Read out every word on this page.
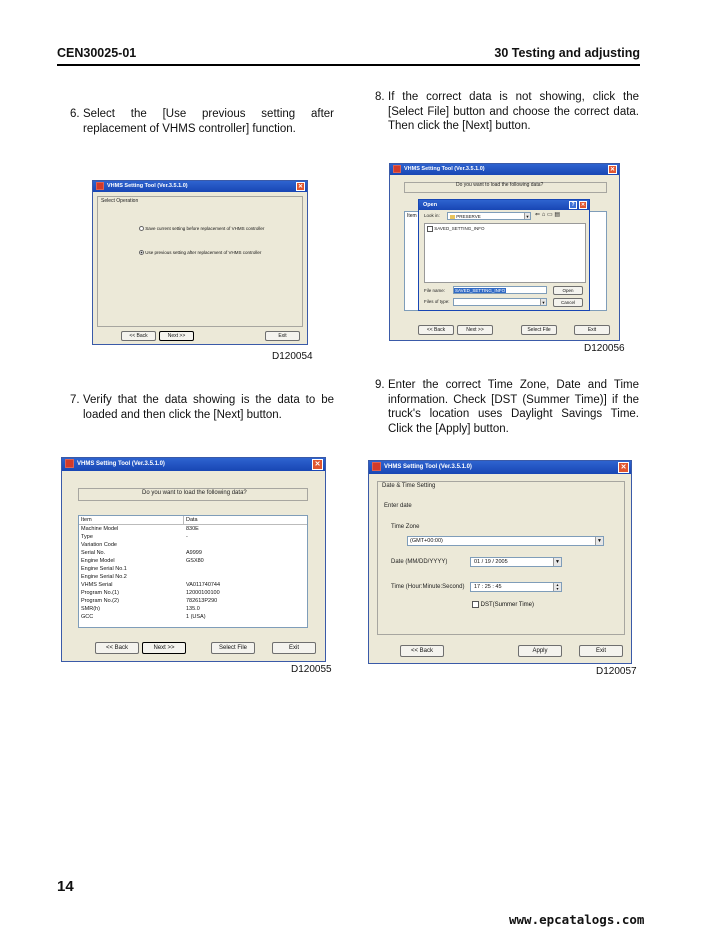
CEN30025-01	30 Testing and adjusting
6. Select the [Use previous setting after replacement of VHMS controller] function.
8. If the correct data is not showing, click the [Select File] button and choose the correct data. Then click the [Next] button.
VHMS Setting Tool (Ver.3.5.1.0)	✕
Select Operation
Save current setting before replacement of VHMS controller
Use previous setting after replacement of VHMS controller
<< Back	Next >>	Exit
D120054
VHMS Setting Tool (Ver.3.5.1.0)	✕
Do you want to load the following data?
Item
<< Back	Next >>	Select File	Exit
Open	?	✕
Look in:	PRESERVE	▼ ⇐ ⌂ ▭ ▤
SAVED_SETTING_INFO
File name:	SAVED_SETTING_INFO
Files of type:	▼
Open
Cancel
D120056
7. Verify that the data showing is the data to be loaded and then click the [Next] button.
9. Enter the correct Time Zone, Date and Time information. Check [DST (Summer Time)] if the truck's location uses Daylight Savings Time. Click the [Apply] button.
VHMS Setting Tool (Ver.3.5.1.0)	✕
Do you want to load the following data?
Item	Data
Machine Model	830E
Type	-
Variation Code
Serial No.	A9999
Engine Model	GSX80
Engine Serial No.1
Engine Serial No.2
VHMS Serial	VA011740744
Program No.(1)	12000100100
Program No.(2)	782613P290
SMR(h)	135.0
GCC	1 (USA)
<< Back	Next >>	Select File	Exit
D120055
VHMS Setting Tool (Ver.3.5.1.0)	✕
Date & Time Setting
Enter date
Time Zone
(GMT+00:00)	▼
Date (MM/DD/YYYY)	01 / 19 / 2005	▼
Time (Hour:Minute:Second)	17 : 25 : 45	▲
▼
DST(Summer Time)
<< Back	Apply	Exit
D120057
14
www.epcatalogs.com
